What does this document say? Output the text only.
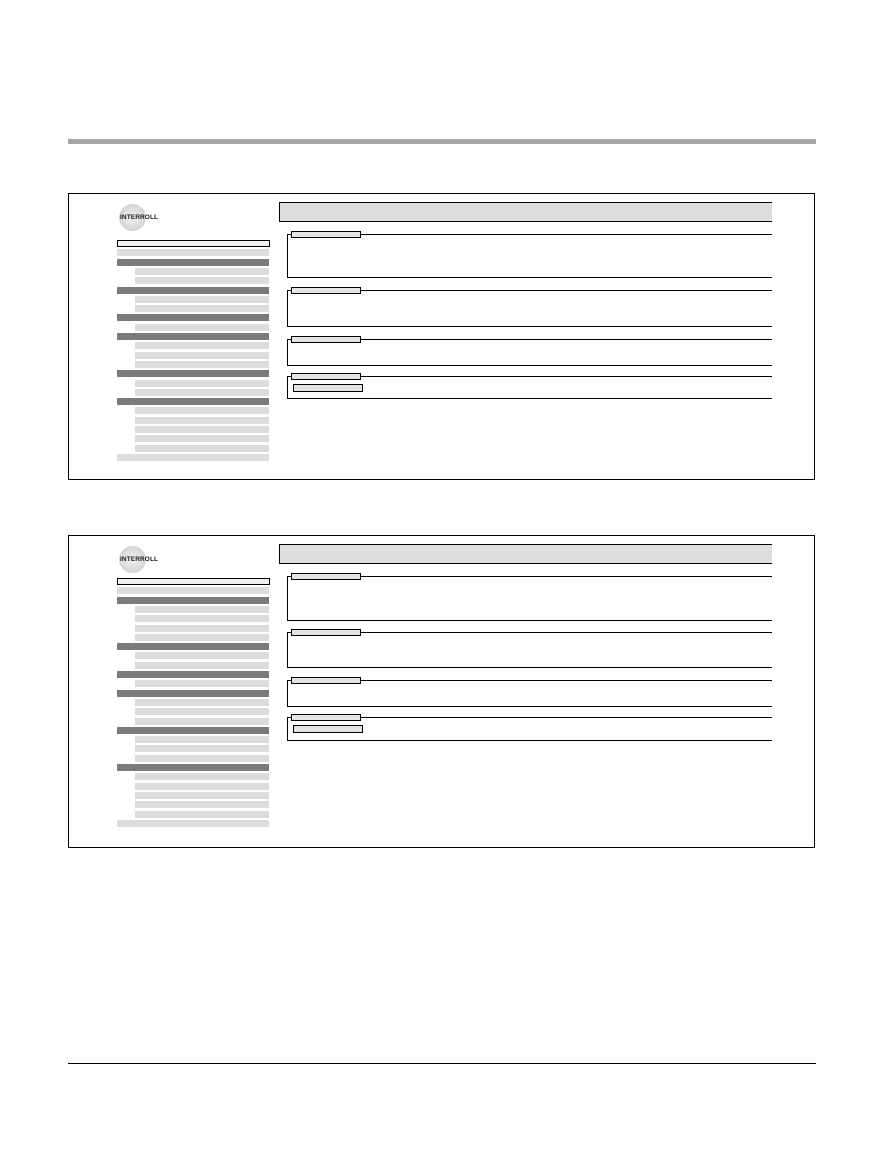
INTERROLL
INTERROLL
